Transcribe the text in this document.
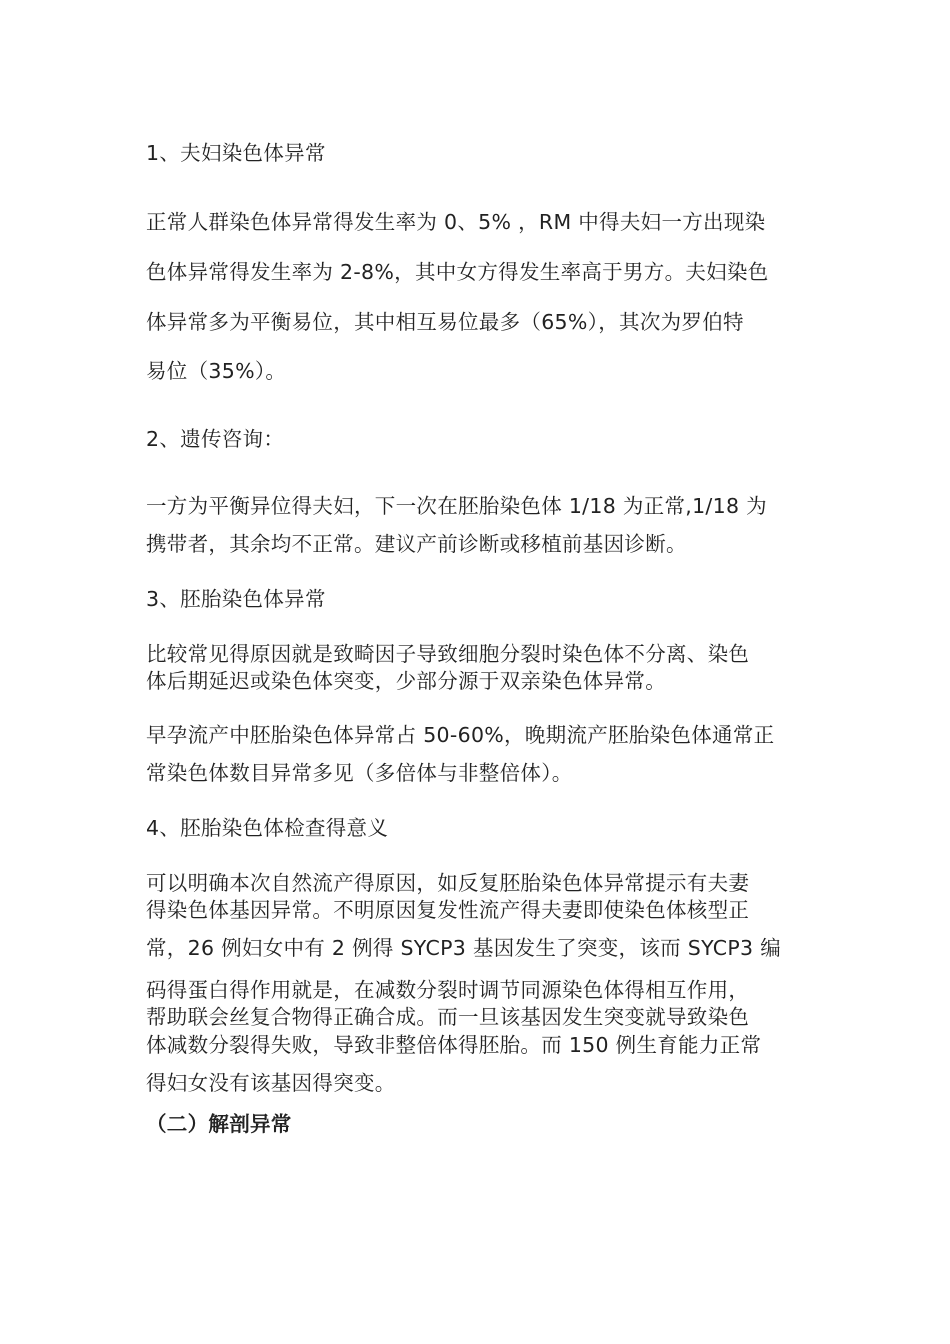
1、夫妇染色体异常

正常人群染色体异常得发生率为 0、5% ，RM 中得夫妇一方出现染

色体异常得发生率为 2-8%，其中女方得发生率高于男方。夫妇染色

体异常多为平衡易位，其中相互易位最多（65%），其次为罗伯特

易位（35%）。

2、遗传咨询：

一方为平衡异位得夫妇，下一次在胚胎染色体 1/18 为正常,1/18 为

携带者，其余均不正常。建议产前诊断或移植前基因诊断。

3、胚胎染色体异常

比较常见得原因就是致畸因子导致细胞分裂时染色体不分离、染色

体后期延迟或染色体突变，少部分源于双亲染色体异常。

早孕流产中胚胎染色体异常占 50-60%，晚期流产胚胎染色体通常正

常染色体数目异常多见（多倍体与非整倍体）。

4、胚胎染色体检查得意义

可以明确本次自然流产得原因，如反复胚胎染色体异常提示有夫妻

得染色体基因异常。不明原因复发性流产得夫妻即使染色体核型正

常，26 例妇女中有 2 例得 SYCP3 基因发生了突变，该而 SYCP3 编

码得蛋白得作用就是，在减数分裂时调节同源染色体得相互作用，

帮助联会丝复合物得正确合成。而一旦该基因发生突变就导致染色

体减数分裂得失败，导致非整倍体得胚胎。而 150 例生育能力正常

得妇女没有该基因得突变。

（二）解剖异常
